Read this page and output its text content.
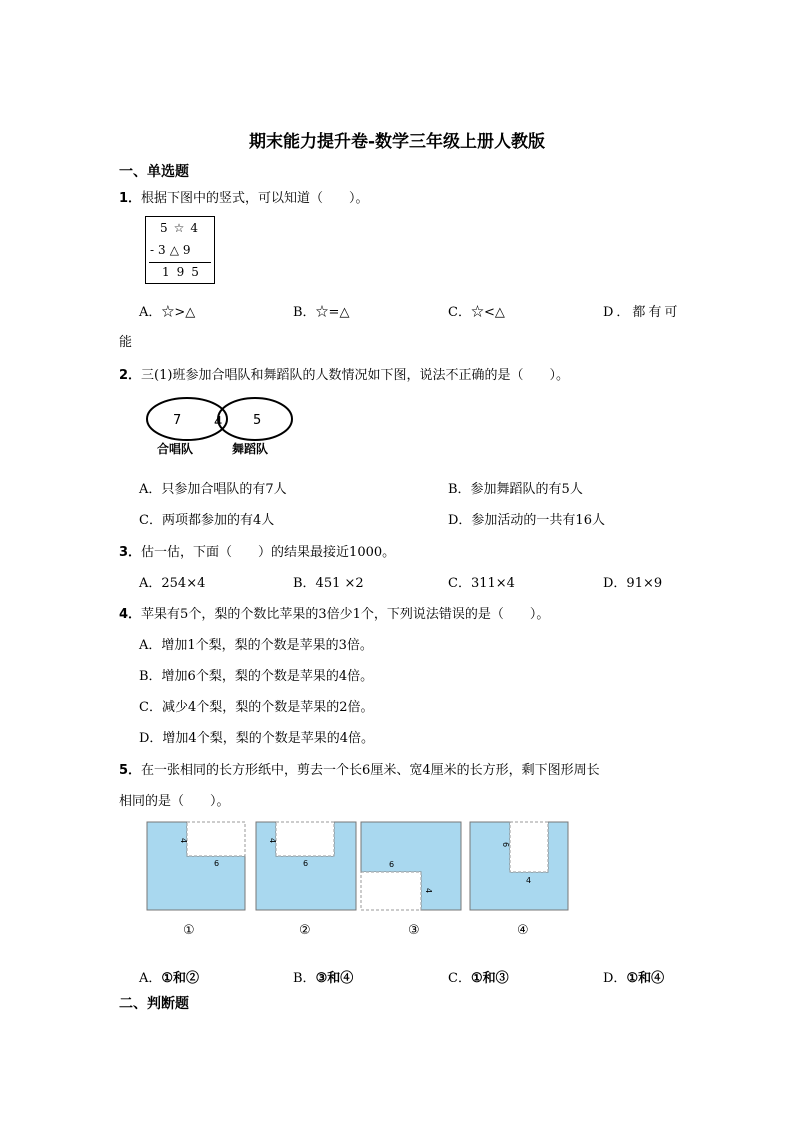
期末能力提升卷-数学三年级上册人教版
一、单选题
1．根据下图中的竖式，可以知道（　　）。
5☆4
-3△9
195
A．☆>△	B．☆=△	C．☆<△	D．都有可
能
2．三(1)班参加合唱队和舞蹈队的人数情况如下图，说法不正确的是（　　）。
7	4 5
合唱队	舞蹈队
A．只参加合唱队的有7人	B．参加舞蹈队的有5人
C．两项都参加的有4人	D．参加活动的一共有16人
3．估一估，下面（　　）的结果最接近1000。
A．254×4	B．451 ×2	C．311×4	D．91×9
4．苹果有5个，梨的个数比苹果的3倍少1个，下列说法错误的是（　　）。
A．增加1个梨，梨的个数是苹果的3倍。
B．增加6个梨，梨的个数是苹果的4倍。
C．减少4个梨，梨的个数是苹果的2倍。
D．增加4个梨，梨的个数是苹果的4倍。
5．在一张相同的长方形纸中，剪去一个长6厘米、宽4厘米的长方形，剩下图形周长
相同的是（　　）。
4
6
4
6	6
4
6
4
①	②	③	④
A．①和②	B．③和④	C．①和③	D．①和④
二、判断题
